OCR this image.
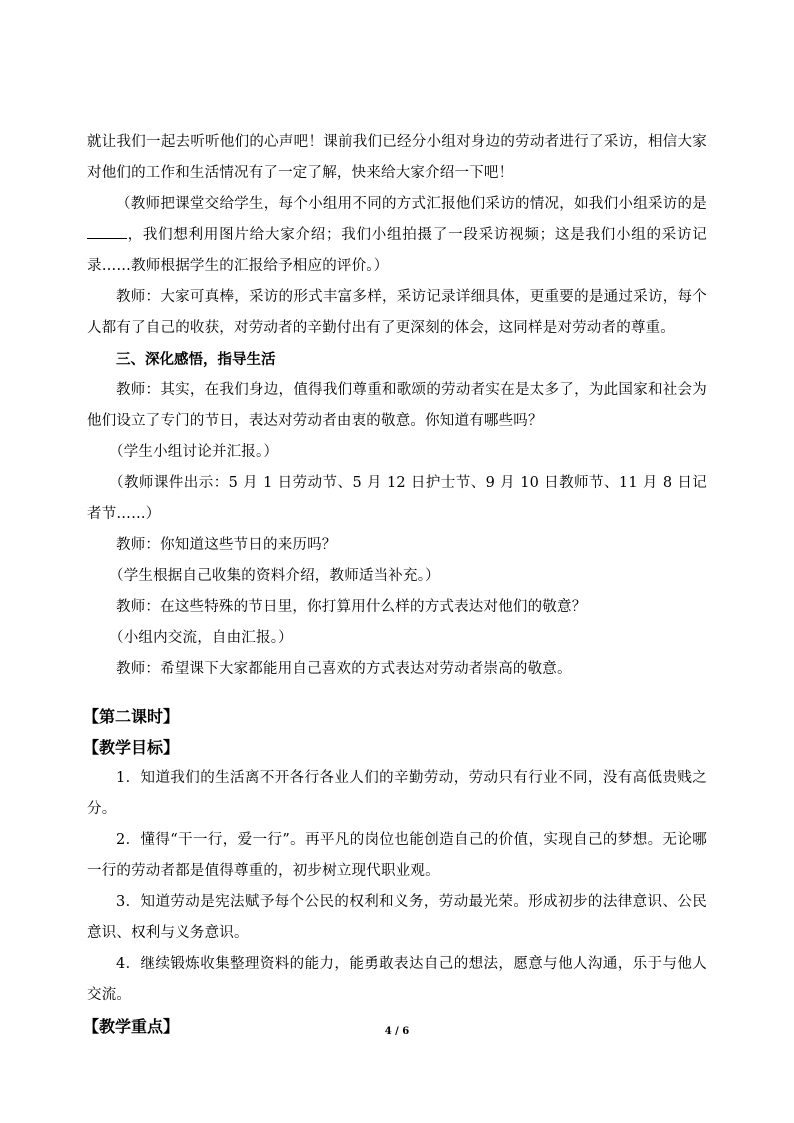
就让我们一起去听听他们的心声吧！课前我们已经分小组对身边的劳动者进行了采访，相信大家对他们的工作和生活情况有了一定了解，快来给大家介绍一下吧！

（教师把课堂交给学生，每个小组用不同的方式汇报他们采访的情况，如我们小组采访的是，我们想利用图片给大家介绍；我们小组拍摄了一段采访视频；这是我们小组的采访记录……教师根据学生的汇报给予相应的评价。）

教师：大家可真棒，采访的形式丰富多样，采访记录详细具体，更重要的是通过采访，每个人都有了自己的收获，对劳动者的辛勤付出有了更深刻的体会，这同样是对劳动者的尊重。

三、深化感悟，指导生活

教师：其实，在我们身边，值得我们尊重和歌颂的劳动者实在是太多了，为此国家和社会为他们设立了专门的节日，表达对劳动者由衷的敬意。你知道有哪些吗？

（学生小组讨论并汇报。）

（教师课件出示：5 月 1 日劳动节、5 月 12 日护士节、9 月 10 日教师节、11 月 8 日记者节……）

教师：你知道这些节日的来历吗？

（学生根据自己收集的资料介绍，教师适当补充。）

教师：在这些特殊的节日里，你打算用什么样的方式表达对他们的敬意？

（小组内交流，自由汇报。）

教师：希望课下大家都能用自己喜欢的方式表达对劳动者崇高的敬意。

【第二课时】

【教学目标】

1．知道我们的生活离不开各行各业人们的辛勤劳动，劳动只有行业不同，没有高低贵贱之分。

2．懂得“干一行，爱一行”。再平凡的岗位也能创造自己的价值，实现自己的梦想。无论哪一行的劳动者都是值得尊重的，初步树立现代职业观。

3．知道劳动是宪法赋予每个公民的权利和义务，劳动最光荣。形成初步的法律意识、公民意识、权利与义务意识。

4．继续锻炼收集整理资料的能力，能勇敢表达自己的想法，愿意与他人沟通，乐于与他人交流。

【教学重点】	4 / 6
